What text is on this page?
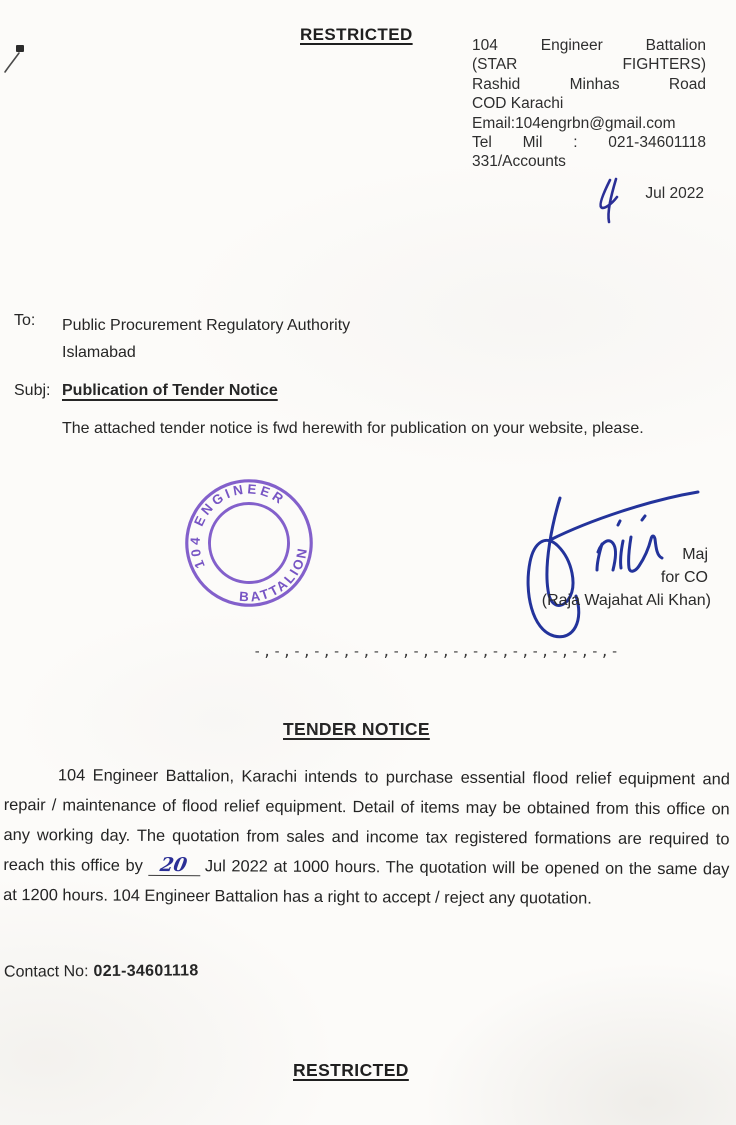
RESTRICTED
104 Engineer Battalion
(STAR FIGHTERS)
Rashid Minhas Road
COD Karachi
Email:104engrbn@gmail.com
Tel Mil : 021-34601118
331/Accounts
Jul 2022
To:	Public Procurement Regulatory Authority
Islamabad
Subj: Publication of Tender Notice
The attached tender notice is fwd herewith for publication on your website, please.
104 ENGINEER
BATTALION	Maj
for CO
(Raja Wajahat Ali Khan)
-,-,-,-,-,-,-,-,-,-,-,-,-,-,-,-,-,-,-
TENDER NOTICE
104 Engineer Battalion, Karachi intends to purchase essential flood relief equipment and repair / maintenance of flood relief equipment. Detail of items may be obtained from this office on any working day. The quotation from sales and income tax registered formations are required to reach this office by 20 Jul 2022 at 1000 hours. The quotation will be opened on the same day at 1200 hours. 104 Engineer Battalion has a right to accept / reject any quotation.
Contact No: 021-34601118
RESTRICTED
